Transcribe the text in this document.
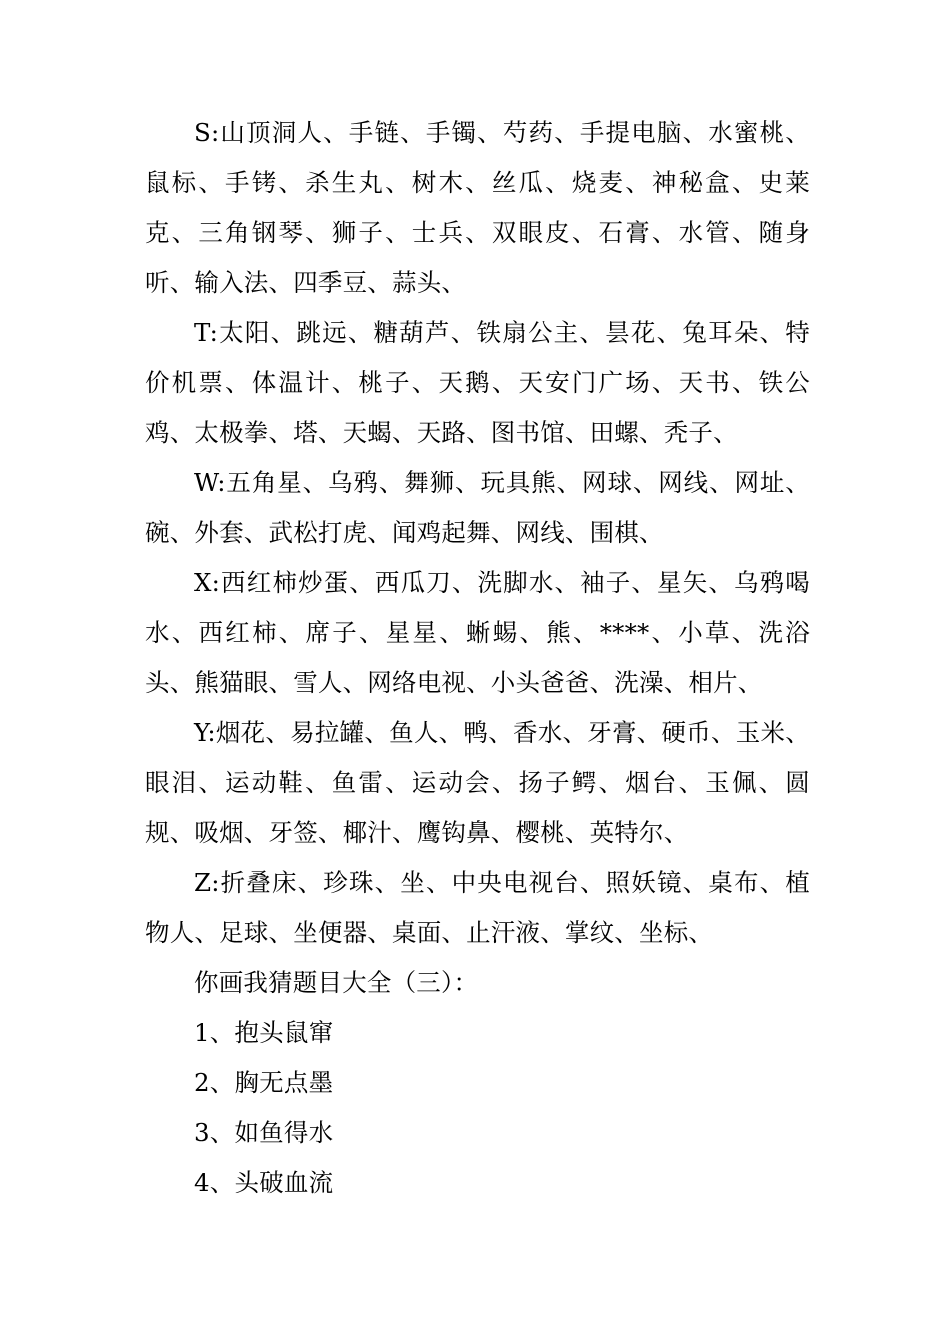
S:山顶洞人、手链、手镯、芍药、手提电脑、水蜜桃、鼠标、手铐、杀生丸、树木、丝瓜、烧麦、神秘盒、史莱克、三角钢琴、狮子、士兵、双眼皮、石膏、水管、随身听、输入法、四季豆、蒜头、

T:太阳、跳远、糖葫芦、铁扇公主、昙花、兔耳朵、特价机票、体温计、桃子、天鹅、天安门广场、天书、铁公鸡、太极拳、塔、天蝎、天路、图书馆、田螺、秃子、

W:五角星、乌鸦、舞狮、玩具熊、网球、网线、网址、碗、外套、武松打虎、闻鸡起舞、网线、围棋、

X:西红柿炒蛋、西瓜刀、洗脚水、袖子、星矢、乌鸦喝水、西红柿、席子、星星、蜥蜴、熊、****、小草、洗浴头、熊猫眼、雪人、网络电视、小头爸爸、洗澡、相片、

Y:烟花、易拉罐、鱼人、鸭、香水、牙膏、硬币、玉米、眼泪、运动鞋、鱼雷、运动会、扬子鳄、烟台、玉佩、圆规、吸烟、牙签、椰汁、鹰钩鼻、樱桃、英特尔、

Z:折叠床、珍珠、坐、中央电视台、照妖镜、桌布、植物人、足球、坐便器、桌面、止汗液、掌纹、坐标、

你画我猜题目大全（三）：

1、抱头鼠窜

2、胸无点墨

3、如鱼得水

4、头破血流
